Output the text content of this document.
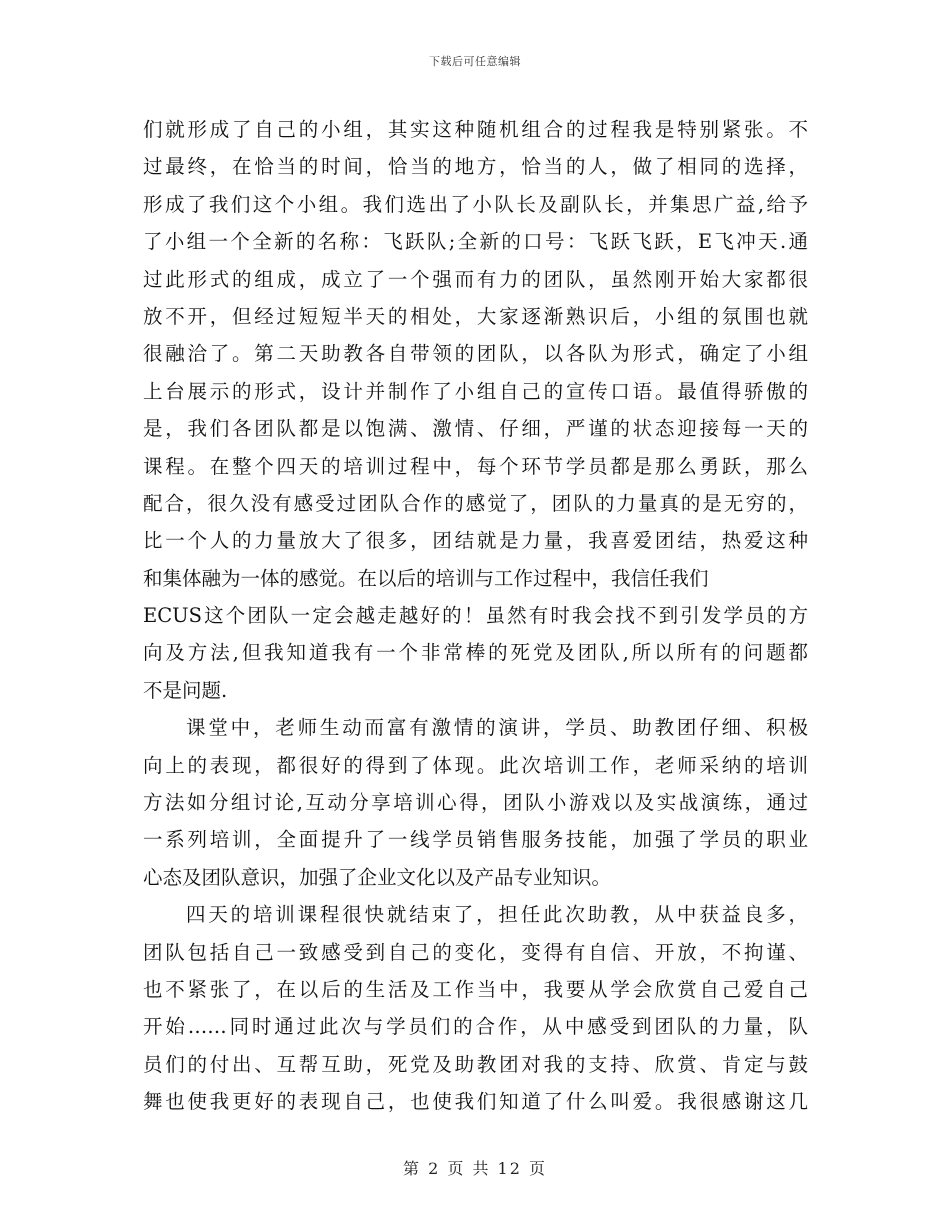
下载后可任意编辑
们就形成了自己的小组，其实这种随机组合的过程我是特别紧张。不
过最终，在恰当的时间，恰当的地方，恰当的人，做了相同的选择，
形成了我们这个小组。我们选出了小队长及副队长，并集思广益,给予
了小组一个全新的名称：飞跃队;全新的口号：飞跃飞跃，E飞冲天.通
过此形式的组成，成立了一个强而有力的团队，虽然刚开始大家都很
放不开，但经过短短半天的相处，大家逐渐熟识后，小组的氛围也就
很融洽了。第二天助教各自带领的团队，以各队为形式，确定了小组
上台展示的形式，设计并制作了小组自己的宣传口语。最值得骄傲的
是，我们各团队都是以饱满、激情、仔细，严谨的状态迎接每一天的
课程。在整个四天的培训过程中，每个环节学员都是那么勇跃，那么
配合，很久没有感受过团队合作的感觉了，团队的力量真的是无穷的，
比一个人的力量放大了很多，团结就是力量，我喜爱团结，热爱这种
和集体融为一体的感觉。在以后的培训与工作过程中，我信任我们
ECUS这个团队一定会越走越好的！虽然有时我会找不到引发学员的方
向及方法,但我知道我有一个非常棒的死党及团队,所以所有的问题都
不是问题.
课堂中，老师生动而富有激情的演讲，学员、助教团仔细、积极
向上的表现，都很好的得到了体现。此次培训工作，老师采纳的培训
方法如分组讨论,互动分享培训心得，团队小游戏以及实战演练，通过
一系列培训，全面提升了一线学员销售服务技能，加强了学员的职业
心态及团队意识，加强了企业文化以及产品专业知识。
四天的培训课程很快就结束了，担任此次助教，从中获益良多，
团队包括自己一致感受到自己的变化，变得有自信、开放，不拘谨、
也不紧张了，在以后的生活及工作当中，我要从学会欣赏自己爱自己
开始……同时通过此次与学员们的合作，从中感受到团队的力量，队
员们的付出、互帮互助，死党及助教团对我的支持、欣赏、肯定与鼓
舞也使我更好的表现自己，也使我们知道了什么叫爱。我很感谢这几
第 2 页 共 12 页
